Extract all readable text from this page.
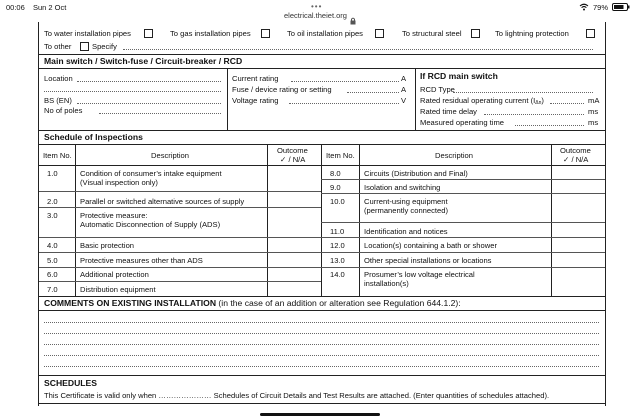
00:06 Sun 2 Oct	79%
•••
electrical.theiet.org
To water installation pipes	To gas installation pipes	To oil installation pipes	To structural steel	To lightning protection
To other	Specify
Main switch / Switch-fuse / Circuit-breaker / RCD
Location
BS (EN)
No of poles
Current rating	A
Fuse / device rating or setting	A
Voltage rating	V
If RCD main switch
RCD Type
Rated residual operating current $(I_{\Delta n})$	mA
Rated time delay	ms
Measured operating time	ms
Schedule of Inspections
Item No.	Description
Outcome
✓ / N/A	Item No.	Description
Outcome
✓ / N/A
1.0	Condition of consumer’s intake equipment
(Visual inspection only)
2.0	Parallel or switched alternative sources of supply
3.0	Protective measure:
Automatic Disconnection of Supply (ADS)
4.0	Basic protection
5.0	Protective measures other than ADS
6.0	Additional protection
7.0	Distribution equipment
8.0	Circuits (Distribution and Final)
9.0	Isolation and switching
10.0	Current-using equipment
(permanently connected)
11.0	Identification and notices
12.0	Location(s) containing a bath or shower
13.0	Other special installations or locations
14.0	Prosumer’s low voltage electrical
installation(s)
COMMENTS ON EXISTING INSTALLATION (in the case of an addition or alteration see Regulation 644.1.2):
SCHEDULES
This Certificate is valid only when ………………… Schedules of Circuit Details and Test Results are attached. (Enter quantities of schedules attached).
